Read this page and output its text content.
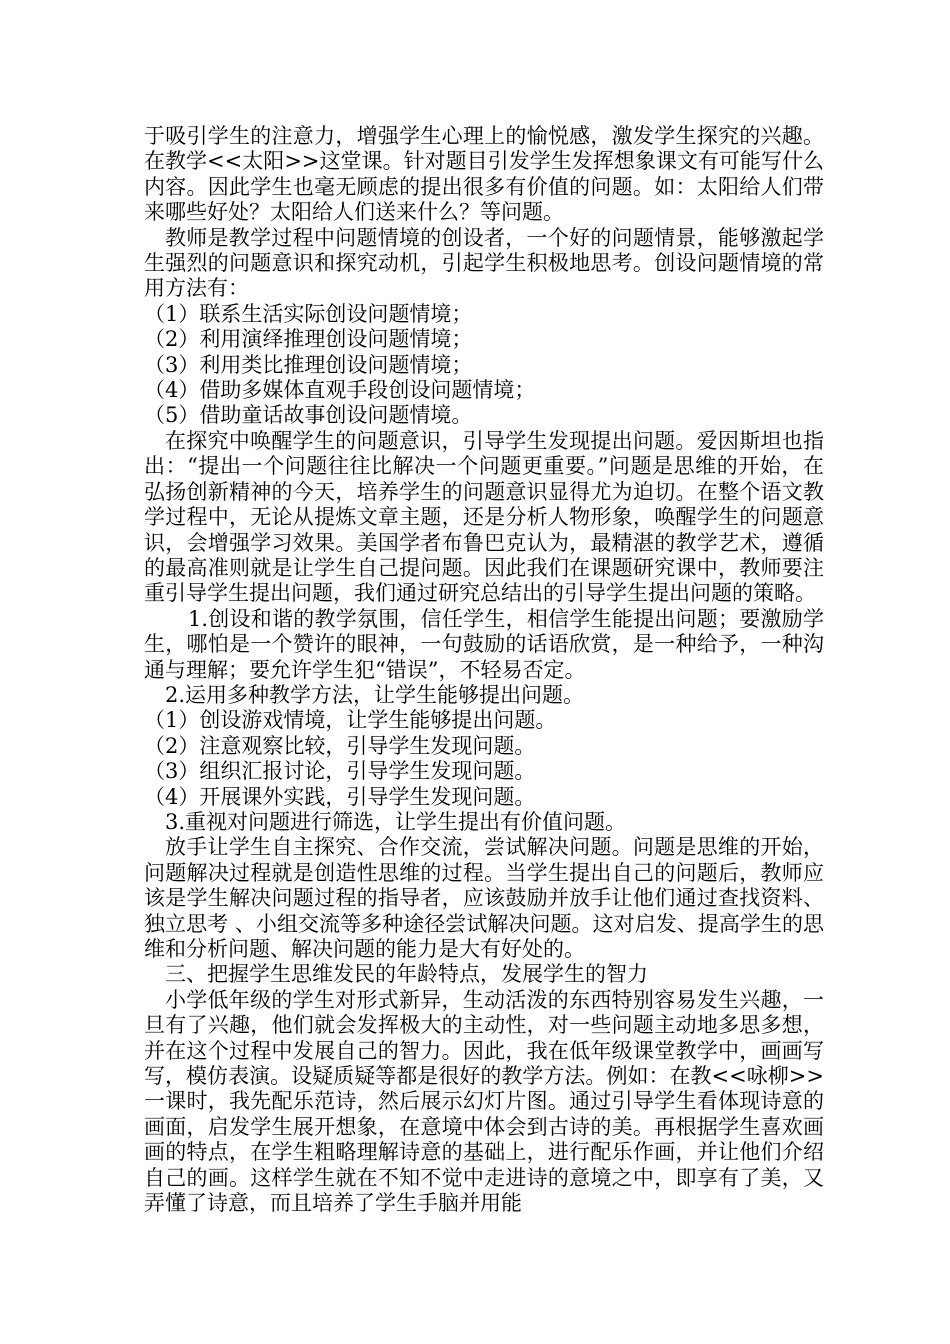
于吸引学生的注意力，增强学生心理上的愉悦感，激发学生探究的兴趣。在教学<<太阳>>这堂课。针对题目引发学生发挥想象课文有可能写什么内容。因此学生也毫无顾虑的提出很多有价值的问题。如：太阳给人们带来哪些好处？太阳给人们送来什么？等问题。

教师是教学过程中问题情境的创设者，一个好的问题情景，能够激起学生强烈的问题意识和探究动机，引起学生积极地思考。创设问题情境的常用方法有：

（1）联系生活实际创设问题情境；

（2）利用演绎推理创设问题情境；

（3）利用类比推理创设问题情境；

（4）借助多媒体直观手段创设问题情境；

（5）借助童话故事创设问题情境。

在探究中唤醒学生的问题意识，引导学生发现提出问题。爱因斯坦也指出：“提出一个问题往往比解决一个问题更重要。”问题是思维的开始，在弘扬创新精神的今天，培养学生的问题意识显得尤为迫切。在整个语文教学过程中，无论从提炼文章主题，还是分析人物形象，唤醒学生的问题意识，会增强学习效果。美国学者布鲁巴克认为，最精湛的教学艺术，遵循的最高准则就是让学生自己提问题。因此我们在课题研究课中，教师要注重引导学生提出问题，我们通过研究总结出的引导学生提出问题的策略。

1.创设和谐的教学氛围，信任学生，相信学生能提出问题；要激励学生，哪怕是一个赞许的眼神，一句鼓励的话语欣赏，是一种给予，一种沟通与理解；要允许学生犯“错误”，不轻易否定。

2.运用多种教学方法，让学生能够提出问题。

（1）创设游戏情境，让学生能够提出问题。

（2）注意观察比较，引导学生发现问题。

（3）组织汇报讨论，引导学生发现问题。

（4）开展课外实践，引导学生发现问题。

3.重视对问题进行筛选，让学生提出有价值问题。

放手让学生自主探究、合作交流，尝试解决问题。问题是思维的开始，问题解决过程就是创造性思维的过程。当学生提出自己的问题后，教师应该是学生解决问题过程的指导者，应该鼓励并放手让他们通过查找资料、独立思考 、小组交流等多种途径尝试解决问题。这对启发、提高学生的思维和分析问题、解决问题的能力是大有好处的。

三、把握学生思维发民的年龄特点，发展学生的智力

小学低年级的学生对形式新异，生动活泼的东西特别容易发生兴趣，一旦有了兴趣，他们就会发挥极大的主动性，对一些问题主动地多思多想，并在这个过程中发展自己的智力。因此，我在低年级课堂教学中，画画写写，模仿表演。设疑质疑等都是很好的教学方法。例如：在教<<咏柳>>一课时，我先配乐范诗，然后展示幻灯片图。通过引导学生看体现诗意的画面，启发学生展开想象，在意境中体会到古诗的美。再根据学生喜欢画画的特点，在学生粗略理解诗意的基础上，进行配乐作画，并让他们介绍自己的画。这样学生就在不知不觉中走进诗的意境之中，即享有了美，又弄懂了诗意，而且培养了学生手脑并用能
